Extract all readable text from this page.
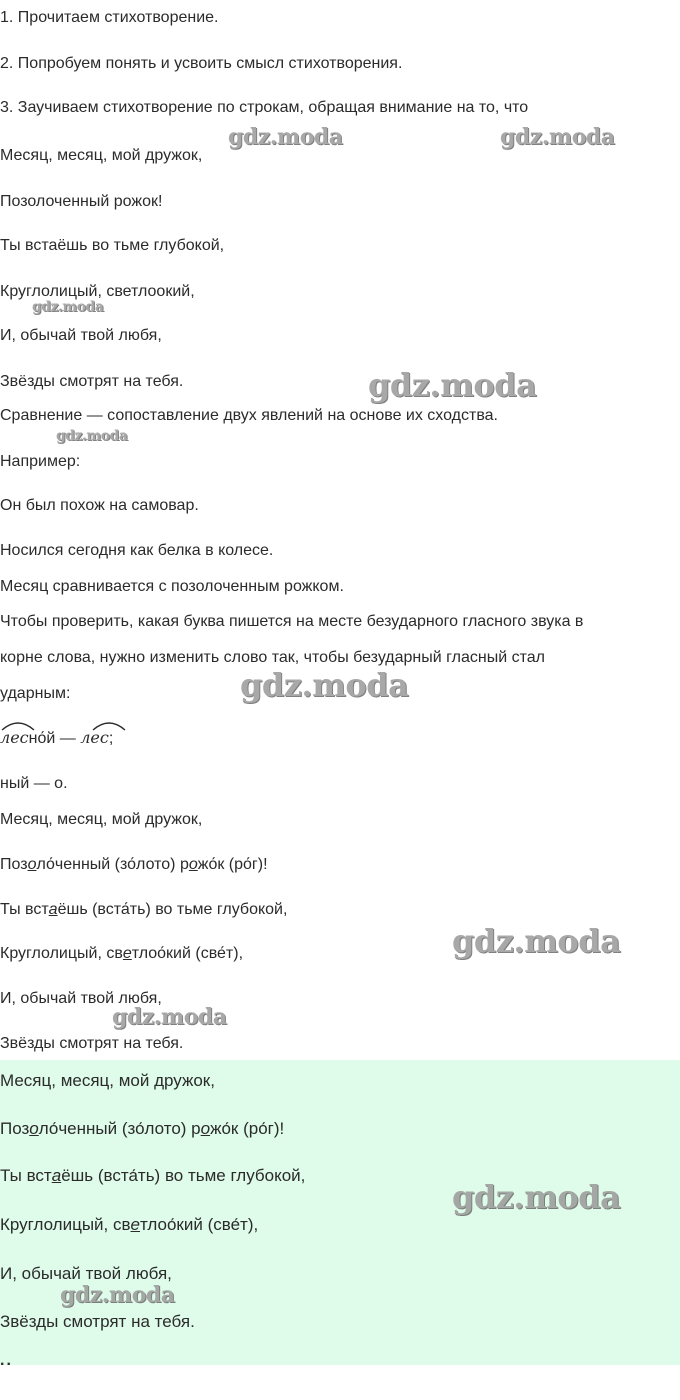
1. Прочитаем стихотворение.
2. Попробуем понять и усвоить смысл стихотворения.
3. Заучиваем стихотворение по строкам, обращая внимание на то, что
Месяц, месяц, мой дружок,
Позолоченный рожок!
Ты встаёшь во тьме глубокой,
Круглолицый, светлоокий,
И, обычай твой любя,
Звёзды смотрят на тебя.
Сравнение — сопоставление двух явлений на основе их сходства.
Например:
Он был похож на самовар.
Носился сегодня как белка в колесе.
Месяц сравнивается с позолоченным рожком.
Чтобы проверить, какая буква пишется на месте безударного гласного звука в
корне слова, нужно изменить слово так, чтобы безударный гласный стал
ударным:
лесно́й — лес;
ный — о.
Месяц, месяц, мой дружок,
Позоло́ченный (зо́лото) рожо́к (ро́г)!
Ты встаёшь (вста́ть) во тьме глубокой,
Круглолицый, светлоо́кий (све́т),
И, обычай твой любя,
Звёзды смотрят на тебя.
Месяц, месяц, мой дружок,
Позоло́ченный (зо́лото) рожо́к (ро́г)!
Ты встаёшь (вста́ть) во тьме глубокой,
Круглолицый, светлоо́кий (све́т),
И, обычай твой любя,
Звёзды смотрят на тебя.
..
gdz.moda	gdz.moda
gdz.moda
gdz.moda
gdz.moda
gdz.moda
gdz.moda
gdz.moda
gdz.moda
gdz.moda
